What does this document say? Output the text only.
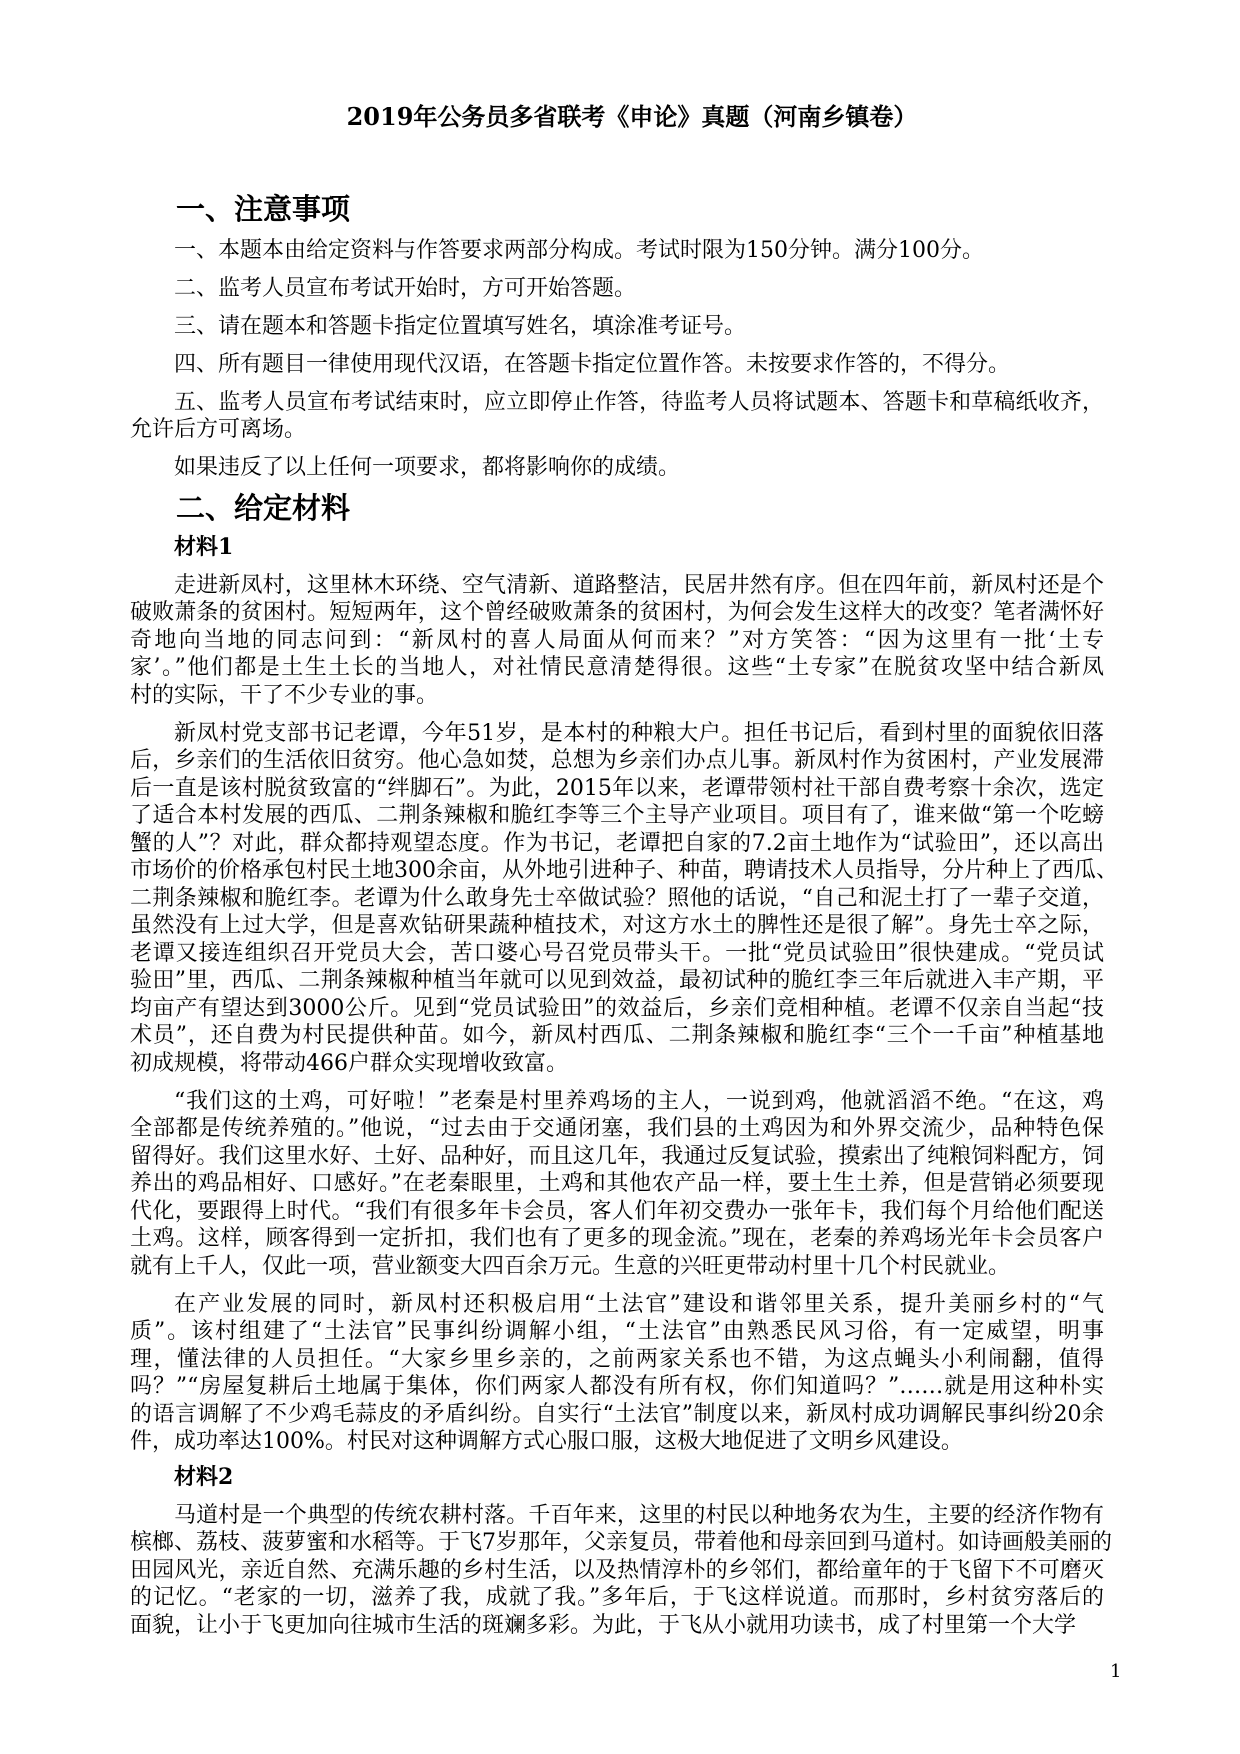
2019年公务员多省联考《申论》真题（河南乡镇卷）
一、注意事项
一、本题本由给定资料与作答要求两部分构成。考试时限为150分钟。满分100分。
二、监考人员宣布考试开始时，方可开始答题。
三、请在题本和答题卡指定位置填写姓名，填涂准考证号。
四、所有题目一律使用现代汉语，在答题卡指定位置作答。未按要求作答的，不得分。
五、监考人员宣布考试结束时，应立即停止作答，待监考人员将试题本、答题卡和草稿纸收齐，
允许后方可离场。
如果违反了以上任何一项要求，都将影响你的成绩。
二、给定材料
材料1
走进新凤村，这里林木环绕、空气清新、道路整洁，民居井然有序。但在四年前，新凤村还是个
破败萧条的贫困村。短短两年，这个曾经破败萧条的贫困村，为何会发生这样大的改变？笔者满怀好
奇地向当地的同志问到：“新凤村的喜人局面从何而来？”对方笑答：“因为这里有一批‘土专
家’。”他们都是土生土长的当地人，对社情民意清楚得很。这些“土专家”在脱贫攻坚中结合新凤
村的实际，干了不少专业的事。
新凤村党支部书记老谭，今年51岁，是本村的种粮大户。担任书记后，看到村里的面貌依旧落
后，乡亲们的生活依旧贫穷。他心急如焚，总想为乡亲们办点儿事。新凤村作为贫困村，产业发展滞
后一直是该村脱贫致富的“绊脚石”。为此，2015年以来，老谭带领村社干部自费考察十余次，选定
了适合本村发展的西瓜、二荆条辣椒和脆红李等三个主导产业项目。项目有了，谁来做“第一个吃螃
蟹的人”？对此，群众都持观望态度。作为书记，老谭把自家的7.2亩土地作为“试验田”，还以高出
市场价的价格承包村民土地300余亩，从外地引进种子、种苗，聘请技术人员指导，分片种上了西瓜、
二荆条辣椒和脆红李。老谭为什么敢身先士卒做试验？照他的话说，“自己和泥土打了一辈子交道，
虽然没有上过大学，但是喜欢钻研果蔬种植技术，对这方水土的脾性还是很了解”。身先士卒之际，
老谭又接连组织召开党员大会，苦口婆心号召党员带头干。一批“党员试验田”很快建成。“党员试
验田”里，西瓜、二荆条辣椒种植当年就可以见到效益，最初试种的脆红李三年后就进入丰产期，平
均亩产有望达到3000公斤。见到“党员试验田”的效益后，乡亲们竞相种植。老谭不仅亲自当起“技
术员”，还自费为村民提供种苗。如今，新凤村西瓜、二荆条辣椒和脆红李“三个一千亩”种植基地
初成规模，将带动466户群众实现增收致富。
“我们这的土鸡，可好啦！”老秦是村里养鸡场的主人，一说到鸡，他就滔滔不绝。“在这，鸡
全部都是传统养殖的。”他说，“过去由于交通闭塞，我们县的土鸡因为和外界交流少，品种特色保
留得好。我们这里水好、土好、品种好，而且这几年，我通过反复试验，摸索出了纯粮饲料配方，饲
养出的鸡品相好、口感好。”在老秦眼里，土鸡和其他农产品一样，要土生土养，但是营销必须要现
代化，要跟得上时代。“我们有很多年卡会员，客人们年初交费办一张年卡，我们每个月给他们配送
土鸡。这样，顾客得到一定折扣，我们也有了更多的现金流。”现在，老秦的养鸡场光年卡会员客户
就有上千人，仅此一项，营业额变大四百余万元。生意的兴旺更带动村里十几个村民就业。
在产业发展的同时，新凤村还积极启用“土法官”建设和谐邻里关系，提升美丽乡村的“气
质”。该村组建了“土法官”民事纠纷调解小组，“土法官”由熟悉民风习俗，有一定威望，明事
理，懂法律的人员担任。“大家乡里乡亲的，之前两家关系也不错，为这点蝇头小利闹翻，值得
吗？”“房屋复耕后土地属于集体，你们两家人都没有所有权，你们知道吗？”……就是用这种朴实
的语言调解了不少鸡毛蒜皮的矛盾纠纷。自实行“土法官”制度以来，新凤村成功调解民事纠纷20余
件，成功率达100%。村民对这种调解方式心服口服，这极大地促进了文明乡风建设。
材料2
马道村是一个典型的传统农耕村落。千百年来，这里的村民以种地务农为生，主要的经济作物有
槟榔、荔枝、菠萝蜜和水稻等。于飞7岁那年，父亲复员，带着他和母亲回到马道村。如诗画般美丽的
田园风光，亲近自然、充满乐趣的乡村生活，以及热情淳朴的乡邻们，都给童年的于飞留下不可磨灭
的记忆。“老家的一切，滋养了我，成就了我。”多年后，于飞这样说道。而那时，乡村贫穷落后的
面貌，让小于飞更加向往城市生活的斑斓多彩。为此，于飞从小就用功读书，成了村里第一个大学
1
